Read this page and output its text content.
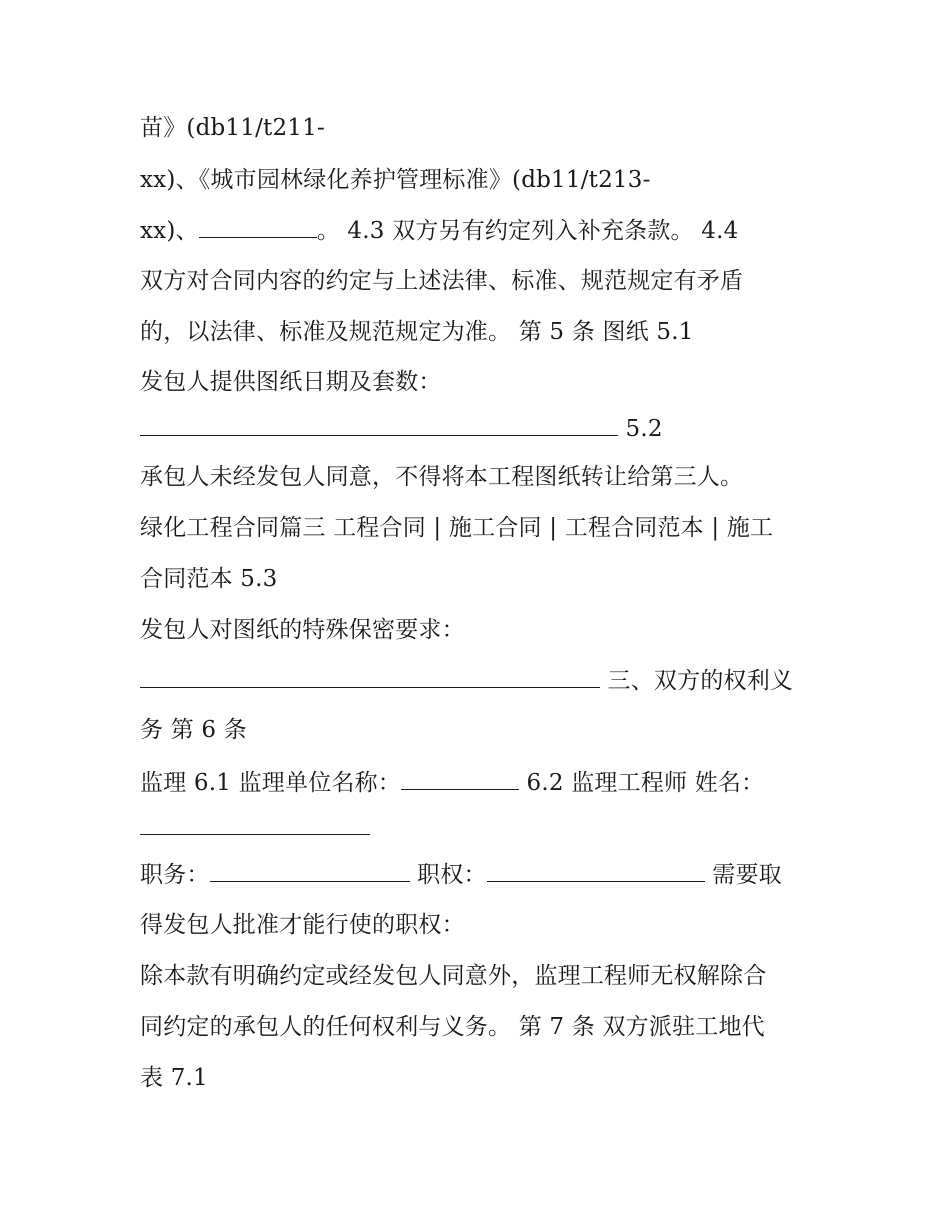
苗》(db11/t211-
xx)、《城市园林绿化养护管理标准》(db11/t213-
xx)、	。 4.3 双方另有约定列入补充条款。 4.4
双方对合同内容的约定与上述法律、标准、规范规定有矛盾
的，以法律、标准及规范规定为准。 第 5 条 图纸 5.1
发包人提供图纸日期及套数：
5.2
承包人未经发包人同意，不得将本工程图纸转让给第三人。
绿化工程合同篇三 工程合同 | 施工合同 | 工程合同范本 | 施工
合同范本 5.3
发包人对图纸的特殊保密要求：
三、双方的权利义
务 第 6 条
监理 6.1 监理单位名称：	6.2 监理工程师 姓名：
职务：	职权：	需要取
得发包人批准才能行使的职权：
除本款有明确约定或经发包人同意外，监理工程师无权解除合
同约定的承包人的任何权利与义务。 第 7 条 双方派驻工地代
表 7.1
